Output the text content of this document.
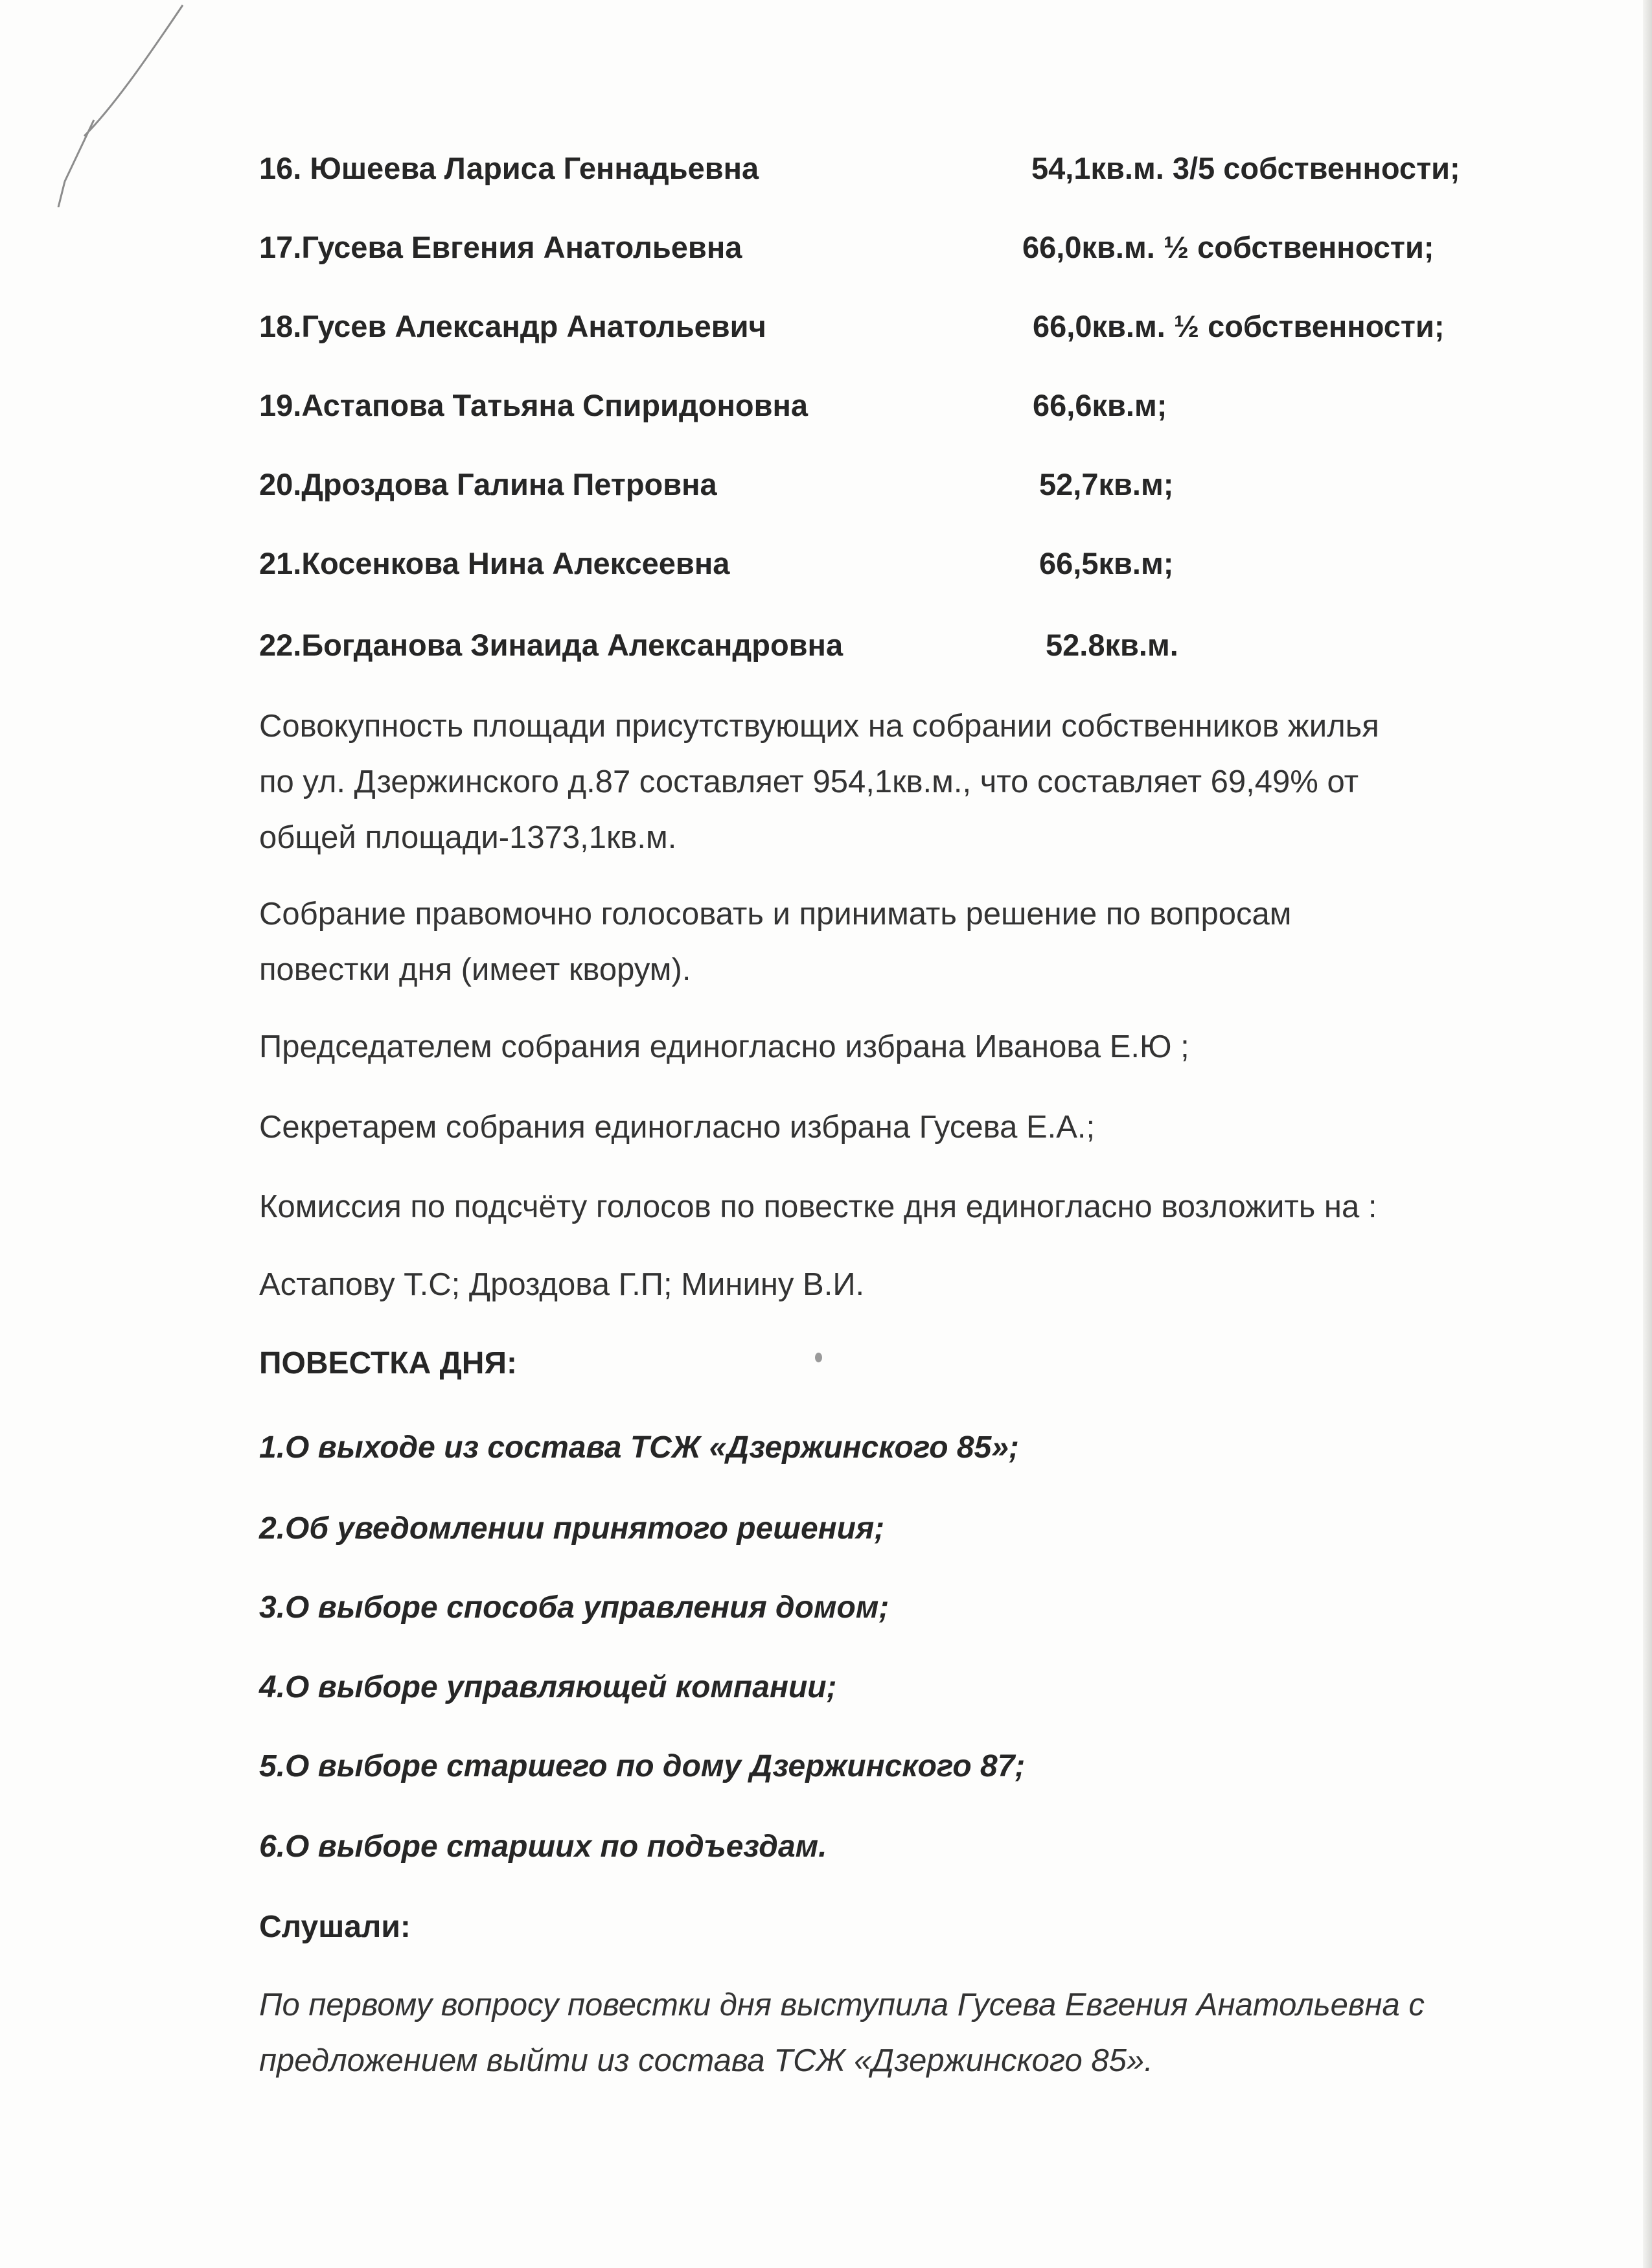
16. Юшеева Лариса Геннадьевна	54,1кв.м. 3/5 собственности;
17.Гусева Евгения Анатольевна	66,0кв.м. ½ собственности;
18.Гусев Александр Анатольевич	66,0кв.м. ½ собственности;
19.Астапова Татьяна Спиридоновна	66,6кв.м;
20.Дроздова Галина Петровна	52,7кв.м;
21.Косенкова Нина Алексеевна	66,5кв.м;
22.Богданова Зинаида Александровна	52.8кв.м.
Совокупность площади присутствующих на собрании собственников жилья
по ул. Дзержинского д.87 составляет 954,1кв.м., что составляет 69,49% от
общей площади-1373,1кв.м.
Собрание правомочно голосовать и принимать решение по вопросам
повестки дня (имеет кворум).
Председателем собрания единогласно избрана Иванова Е.Ю ;
Секретарем собрания единогласно избрана Гусева Е.А.;
Комиссия по подсчёту голосов по повестке дня единогласно возложить на :
Астапову Т.С; Дроздова Г.П; Минину В.И.
ПОВЕСТКА ДНЯ:
1.О выходе из состава ТСЖ «Дзержинского 85»;
2.Об уведомлении принятого решения;
3.О выборе способа управления домом;
4.О выборе управляющей компании;
5.О выборе старшего по дому Дзержинского 87;
6.О выборе старших по подъездам.
Слушали:
По первому вопросу повестки дня выступила Гусева Евгения Анатольевна с
предложением выйти из состава ТСЖ «Дзержинского 85».
